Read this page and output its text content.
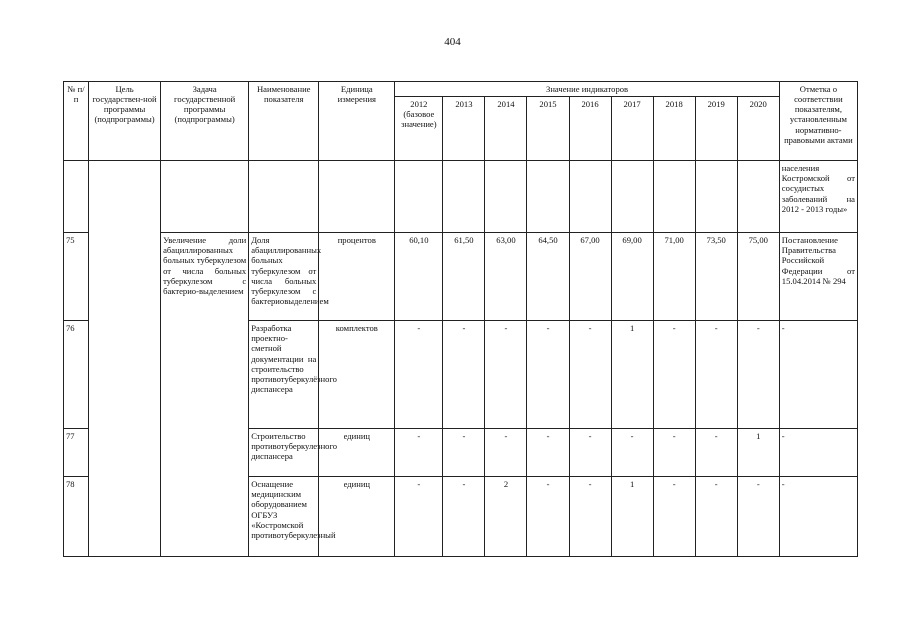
404
№ п/п	Цель государствен-ной программы (подпрограммы)	Задача государственной программы (подпрограммы)	Наименование показателя	Единица измерения	Значение индикаторов									Отметка о соответствии показателям, установленным нормативно-правовыми актами
					2012 (базовое значение)	2013	2014	2015	2016	2017	2018	2019	2020	
														населения Костромской от сосудистых заболеваний на 2012 - 2013 годы»
75		Увеличение доли абациллированных больных туберкулезом от числа больных туберкулезом с бактерио-выделением	Доля абациллированных больных туберкулезом от числа больных туберкулезом с бактериовыделением	процентов	60,10	61,50	63,00	64,50	67,00	69,00	71,00	73,50	75,00	Постановление Правительства Российской Федерации от 15.04.2014 № 294
76			Разработка проектно-сметной документации на строительство противотуберкулёзного диспансера	комплектов	-	-	-	-	-	1	-	-	-	-
77			Строительство противотуберкулезного диспансера	единиц	-	-	-	-	-	-	-	-	1	-
78			Оснащение медицинским оборудованием ОГБУЗ «Костромской противотуберкулезный	единиц	-	-	2	-	-	1	-	-	-	-
